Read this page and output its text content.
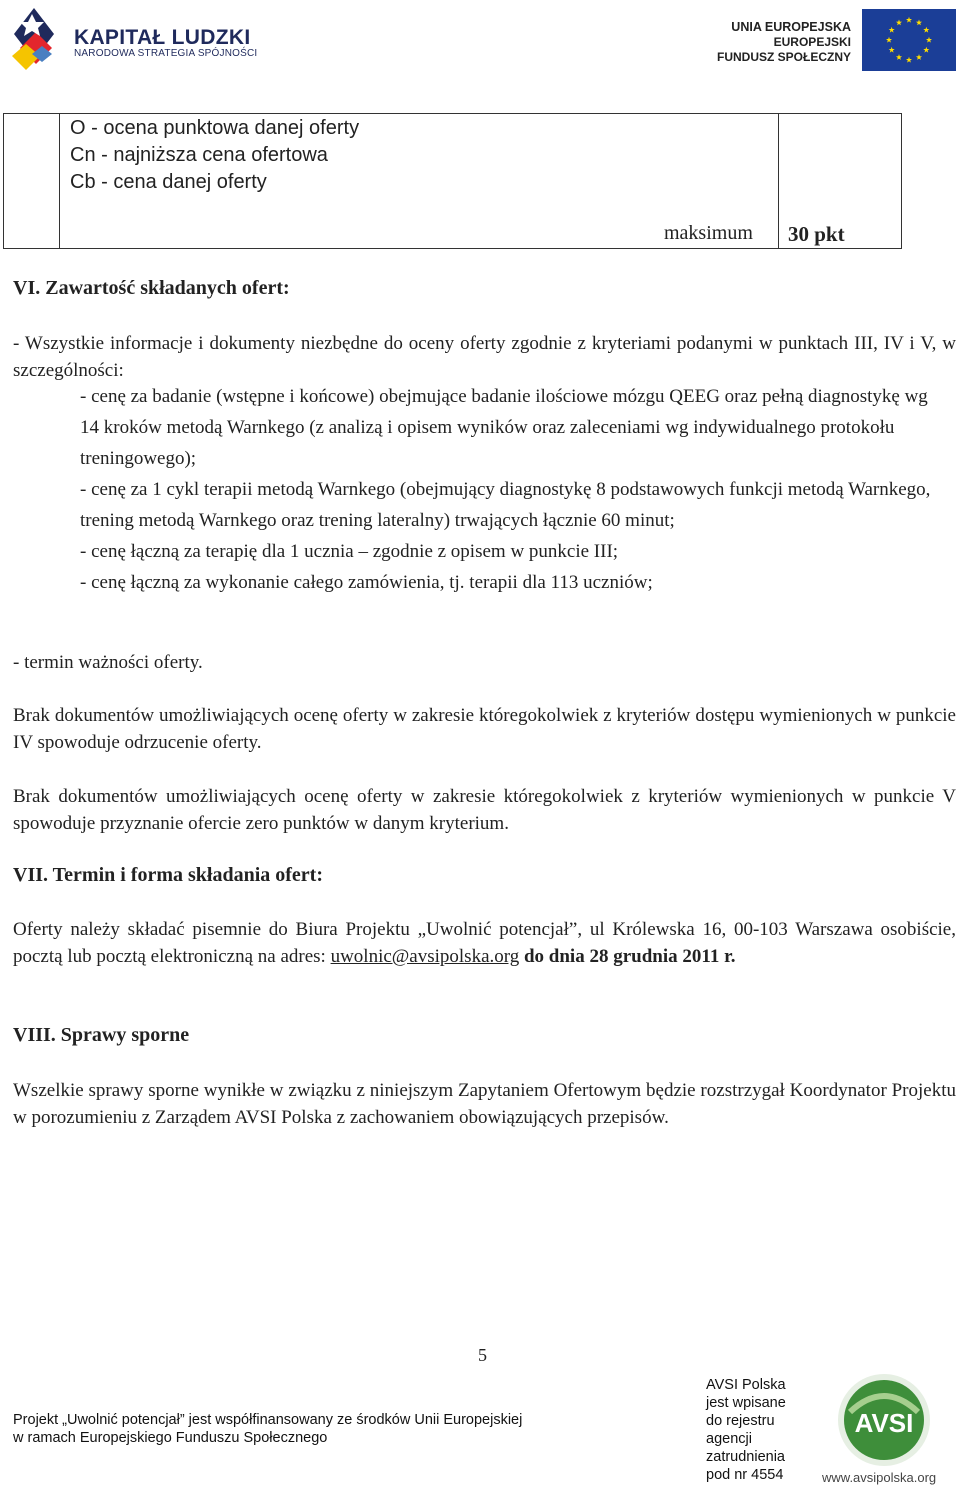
KAPITAŁ LUDZKI
NARODOWA STRATEGIA SPÓJNOŚCI
UNIA EUROPEJSKA
EUROPEJSKI
FUNDUSZ SPOŁECZNY
O - ocena punktowa danej oferty
Cn - najniższa cena ofertowa
Cb - cena danej oferty
maksimum 30 pkt
VI. Zawartość składanych ofert:
- Wszystkie informacje i dokumenty niezbędne do oceny oferty zgodnie z kryteriami podanymi w punktach III, IV i V, w szczególności:
- cenę za badanie (wstępne i końcowe) obejmujące badanie ilościowe mózgu QEEG oraz pełną diagnostykę wg 14 kroków metodą Warnkego (z analizą i opisem wyników oraz zaleceniami wg indywidualnego protokołu treningowego);
- cenę za 1 cykl terapii metodą Warnkego (obejmujący diagnostykę 8 podstawowych funkcji metodą Warnkego, trening metodą Warnkego oraz trening lateralny) trwających łącznie 60 minut;
- cenę łączną za terapię dla 1 ucznia – zgodnie z opisem w punkcie III;
- cenę łączną za wykonanie całego zamówienia, tj. terapii dla 113 uczniów;
- termin ważności oferty.
Brak dokumentów umożliwiających ocenę oferty w zakresie któregokolwiek z kryteriów dostępu wymienionych w punkcie IV spowoduje odrzucenie oferty.
Brak dokumentów umożliwiających ocenę oferty w zakresie któregokolwiek z kryteriów wymienionych w punkcie V spowoduje przyznanie ofercie zero punktów w danym kryterium.
VII. Termin i forma składania ofert:
Oferty należy składać pisemnie do Biura Projektu „Uwolnić potencjał”, ul Królewska 16, 00-103 Warszawa osobiście, pocztą lub pocztą elektroniczną na adres: uwolnic@avsipolska.org do dnia 28 grudnia 2011 r.
VIII. Sprawy sporne
Wszelkie sprawy sporne wynikłe w związku z niniejszym Zapytaniem Ofertowym będzie rozstrzygał Koordynator Projektu w porozumieniu z Zarządem AVSI Polska z zachowaniem obowiązujących przepisów.
5
Projekt „Uwolnić potencjał” jest współfinansowany ze środków Unii Europejskiej
w ramach Europejskiego Funduszu Społecznego
AVSI Polska
jest wpisane
do rejestru
agencji
zatrudnienia
pod nr 4554
AVSI
www.avsipolska.org
